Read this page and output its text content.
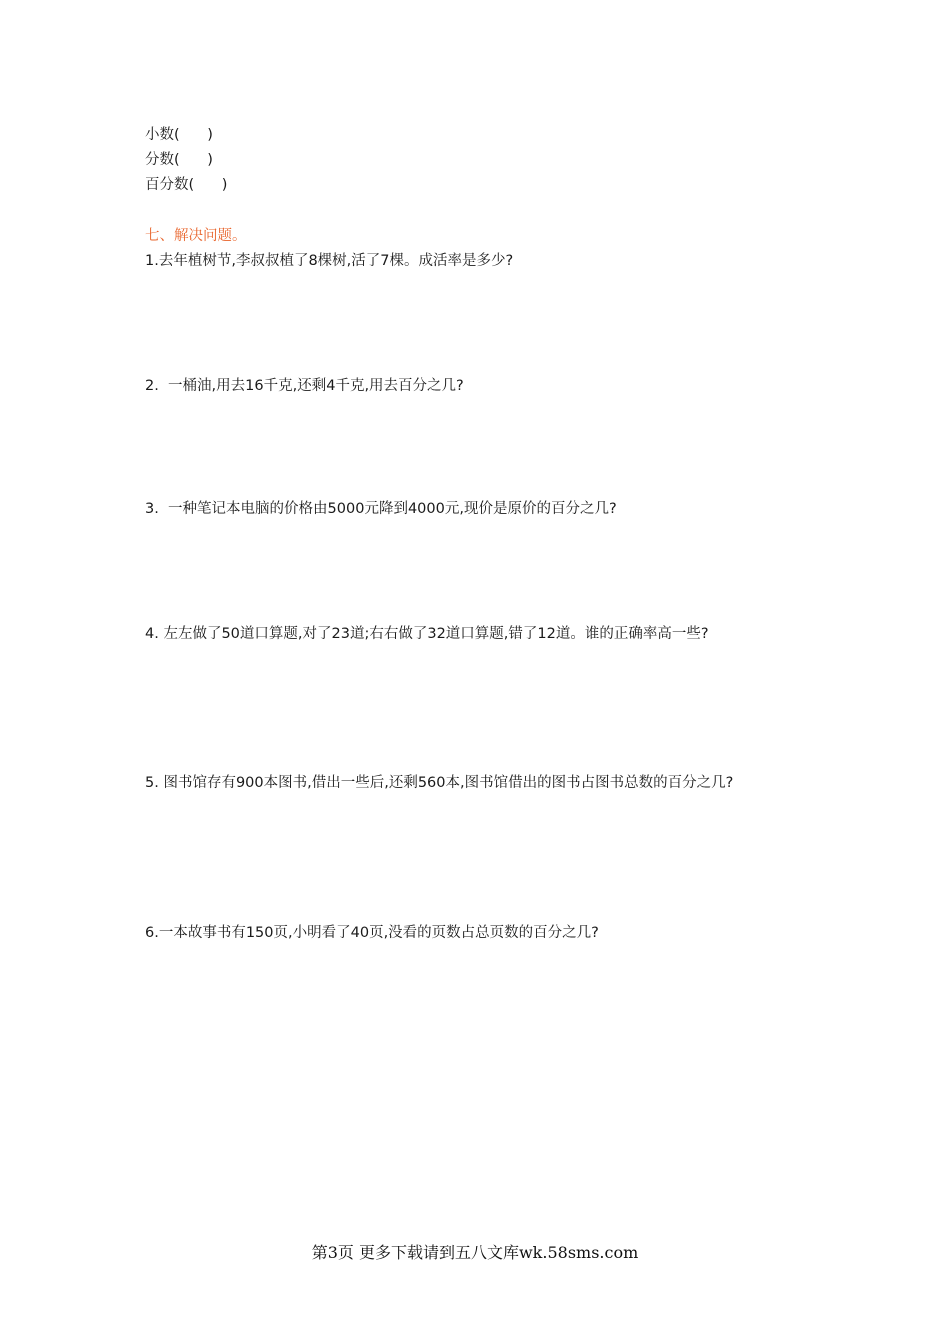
小数(      )
分数(      )
百分数(      )
七、解决问题。
1.去年植树节,李叔叔植了8棵树,活了7棵。成活率是多少?
2.  一桶油,用去16千克,还剩4千克,用去百分之几?
3.  一种笔记本电脑的价格由5000元降到4000元,现价是原价的百分之几?
4. 左左做了50道口算题,对了23道;右右做了32道口算题,错了12道。谁的正确率高一些?
5. 图书馆存有900本图书,借出一些后,还剩560本,图书馆借出的图书占图书总数的百分之几?
6.一本故事书有150页,小明看了40页,没看的页数占总页数的百分之几?
第3页 更多下载请到五八文库wk.58sms.com
